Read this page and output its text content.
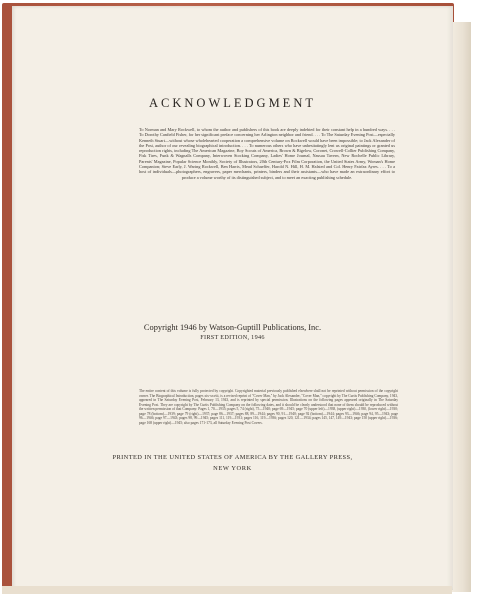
ACKNOWLEDGMENT
To Norman and Mary Rockwell, to whom the author and publishers of this book are deeply indebted for their constant help in a hundred ways. . . . To Dorothy Canfield Fisher, for her significant preface concerning her Arlington neighbor and friend. . . . To The Saturday Evening Post—especially Kenneth Stuart—without whose wholehearted cooperation a comprehensive volume on Rockwell would have been impossible; to Jack Alexander of the Post, author of our revealing biographical introduction. . . . To numerous others who have unhesitatingly lent us original paintings or granted us reproduction rights, including The American Magazine, Boy Scouts of America, Brown & Bigelow, Coronet, Crowell-Collier Publishing Company, Fisk Tires, Funk & Wagnalls Company, Interwoven Stocking Company, Ladies' Home Journal, Nassau Tavern, New Rochelle Public Library, Parents' Magazine, Popular Science Monthly, Society of Illustrators, 20th Century-Fox Film Corporation, the United States Army, Woman's Home Companion; Steve Early, J. Waring Rockwell, Ben Harris, Mead Schaeffer, Harold N. Hill, H. M. Halsted and Col. Henry Fairfax Ayres. . . . To a host of individuals—photographers, engravers, paper merchants, printers, binders and their assistants—who have made an extraordinary effort to produce a volume worthy of its distinguished subject, and to meet an exacting publishing schedule.
Copyright 1946 by Watson-Guptill Publications, Inc.
FIRST EDITION, 1946
The entire content of this volume is fully protected by copyright. Copyrighted material previously published elsewhere shall not be reprinted without permission of the copyright owner. The Biographical Introduction, pages xix-xxviii, is a revised reprint of "Cover Man," by Jack Alexander, "Cover Man," copyright by The Curtis Publishing Company, 1943, appeared in The Saturday Evening Post, February 13, 1943, and is reprinted by special permission. Illustrations on the following pages appeared originally in The Saturday Evening Post. They are copyright by The Curtis Publishing Company on the following dates, and it should be clearly understood that none of them should be reproduced without the written permission of that Company: Pages 1, 70—1935; pages 5, 74 (right), 75—1940; page 69—1945; page 70 (upper left)—1938, (upper right)—1930, (lower right)—1930; page 78 (bottom)—1939; page 79 (right)—1937; page 86—1937; pages 88, 89—1944; pages 90, 91—1940; page 92 (bottom)—1944; pages 93—1946; page 94, 95—1943; page 96—1946; page 97—1943; pages 98, 99—1945; pages 111, 119—1931; pages 116, 119—1936; pages 120, 121—1934; pages 145, 147, 149—1943; page 150 (upper right)—1936; page 168 (upper right)—1945; also pages 171-173, all Saturday Evening Post Covers.
PRINTED IN THE UNITED STATES OF AMERICA BY THE GALLERY PRESS,
NEW YORK
